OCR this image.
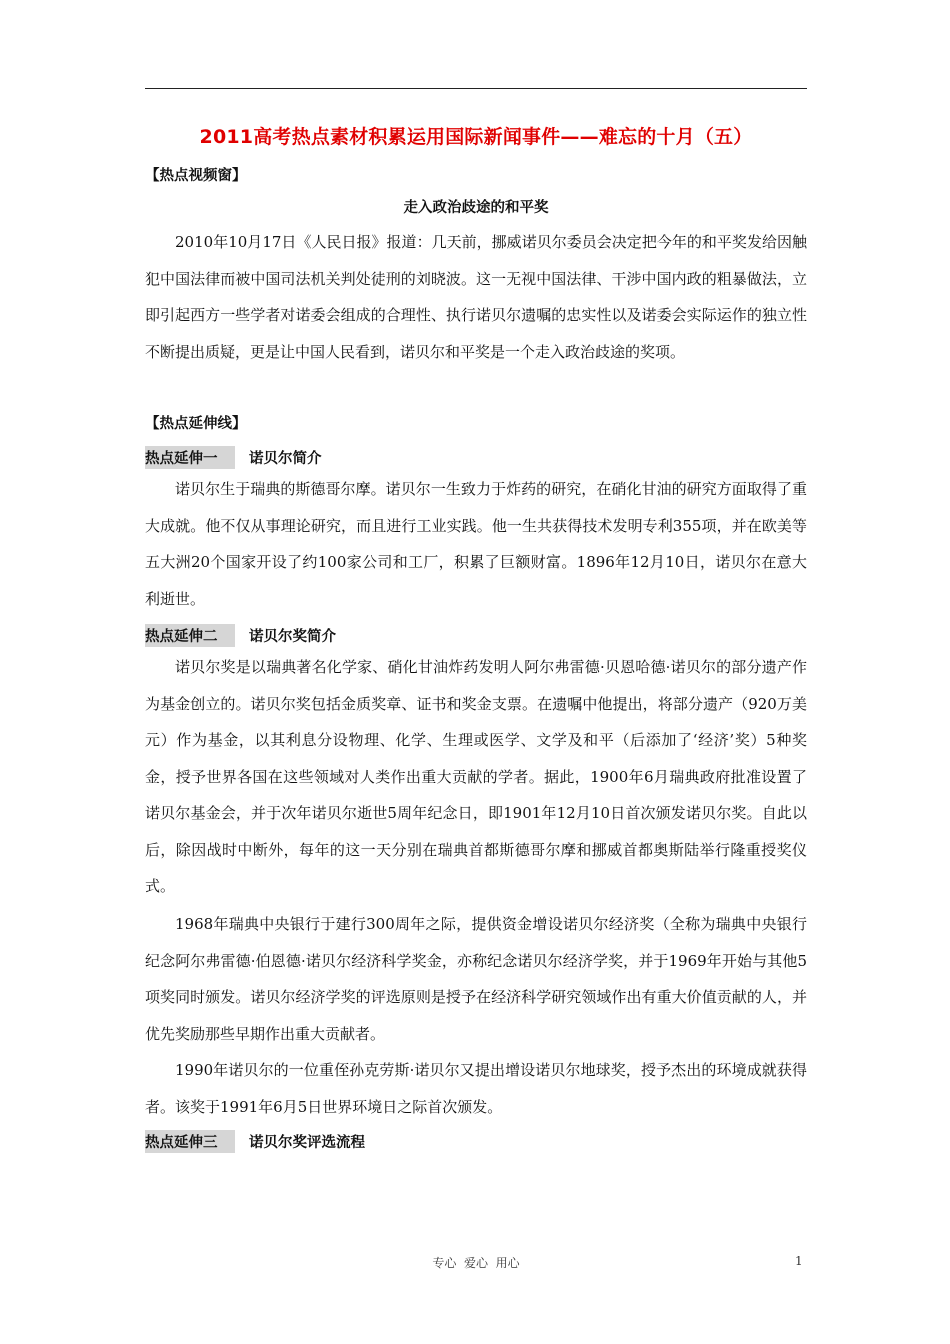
2011高考热点素材积累运用国际新闻事件——难忘的十月（五）
【热点视频窗】
走入政治歧途的和平奖

2010年10月17日《人民日报》报道：几天前，挪威诺贝尔委员会决定把今年的和平奖发给因触犯中国法律而被中国司法机关判处徒刑的刘晓波。这一无视中国法律、干涉中国内政的粗暴做法，立即引起西方一些学者对诺委会组成的合理性、执行诺贝尔遗嘱的忠实性以及诺委会实际运作的独立性不断提出质疑，更是让中国人民看到，诺贝尔和平奖是一个走入政治歧途的奖项。

【热点延伸线】
热点延伸一	诺贝尔简介

诺贝尔生于瑞典的斯德哥尔摩。诺贝尔一生致力于炸药的研究，在硝化甘油的研究方面取得了重大成就。他不仅从事理论研究，而且进行工业实践。他一生共获得技术发明专利355项，并在欧美等五大洲20个国家开设了约100家公司和工厂，积累了巨额财富。1896年12月10日，诺贝尔在意大利逝世。

热点延伸二	诺贝尔奖简介

诺贝尔奖是以瑞典著名化学家、硝化甘油炸药发明人阿尔弗雷德·贝恩哈德·诺贝尔的部分遗产作为基金创立的。诺贝尔奖包括金质奖章、证书和奖金支票。在遗嘱中他提出，将部分遗产（920万美元）作为基金，以其利息分设物理、化学、生理或医学、文学及和平（后添加了‘经济’奖）5种奖金，授予世界各国在这些领域对人类作出重大贡献的学者。据此，1900年6月瑞典政府批准设置了诺贝尔基金会，并于次年诺贝尔逝世5周年纪念日，即1901年12月10日首次颁发诺贝尔奖。自此以后，除因战时中断外，每年的这一天分别在瑞典首都斯德哥尔摩和挪威首都奥斯陆举行隆重授奖仪式。

1968年瑞典中央银行于建行300周年之际，提供资金增设诺贝尔经济奖（全称为瑞典中央银行纪念阿尔弗雷德·伯恩德·诺贝尔经济科学奖金，亦称纪念诺贝尔经济学奖，并于1969年开始与其他5项奖同时颁发。诺贝尔经济学奖的评选原则是授予在经济科学研究领域作出有重大价值贡献的人，并优先奖励那些早期作出重大贡献者。

1990年诺贝尔的一位重侄孙克劳斯·诺贝尔又提出增设诺贝尔地球奖，授予杰出的环境成就获得者。该奖于1991年6月5日世界环境日之际首次颁发。

热点延伸三	诺贝尔奖评选流程
专心  爱心  用心	1
